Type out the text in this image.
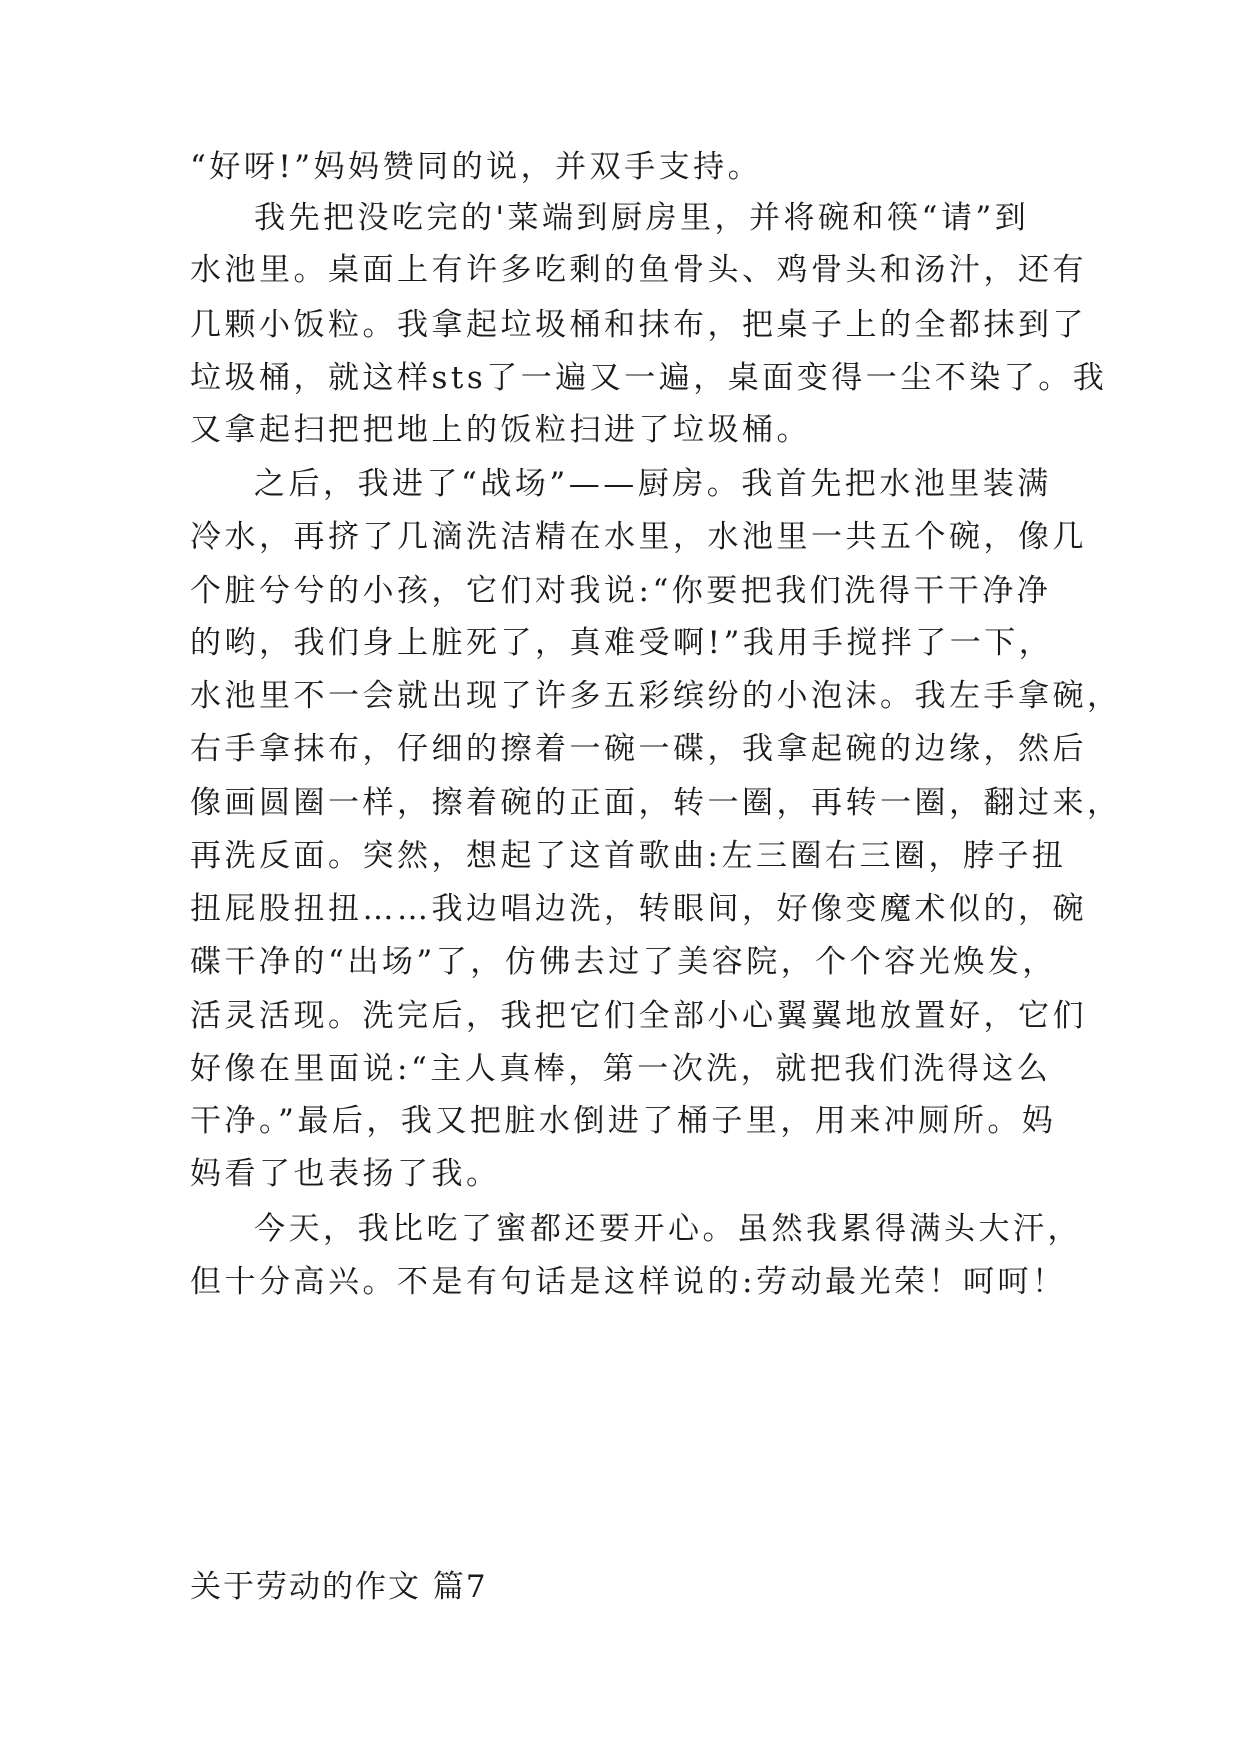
“好呀!”妈妈赞同的说，并双手支持。
我先把没吃完的'菜端到厨房里，并将碗和筷“请”到
水池里。桌面上有许多吃剩的鱼骨头、鸡骨头和汤汁，还有
几颗小饭粒。我拿起垃圾桶和抹布，把桌子上的全都抹到了
垃圾桶，就这样sts了一遍又一遍，桌面变得一尘不染了。我
又拿起扫把把地上的饭粒扫进了垃圾桶。
之后，我进了“战场”——厨房。我首先把水池里装满
冷水，再挤了几滴洗洁精在水里，水池里一共五个碗，像几
个脏兮兮的小孩，它们对我说:“你要把我们洗得干干净净
的哟，我们身上脏死了，真难受啊!”我用手搅拌了一下，
水池里不一会就出现了许多五彩缤纷的小泡沫。我左手拿碗，
右手拿抹布，仔细的擦着一碗一碟，我拿起碗的边缘，然后
像画圆圈一样，擦着碗的正面，转一圈，再转一圈，翻过来，
再洗反面。突然，想起了这首歌曲:左三圈右三圈，脖子扭
扭屁股扭扭……我边唱边洗，转眼间，好像变魔术似的，碗
碟干净的“出场”了，仿佛去过了美容院，个个容光焕发，
活灵活现。洗完后，我把它们全部小心翼翼地放置好，它们
好像在里面说:“主人真棒，第一次洗，就把我们洗得这么
干净。”最后，我又把脏水倒进了桶子里，用来冲厕所。妈
妈看了也表扬了我。
今天，我比吃了蜜都还要开心。虽然我累得满头大汗，
但十分高兴。不是有句话是这样说的:劳动最光荣！呵呵！
关于劳动的作文 篇7
